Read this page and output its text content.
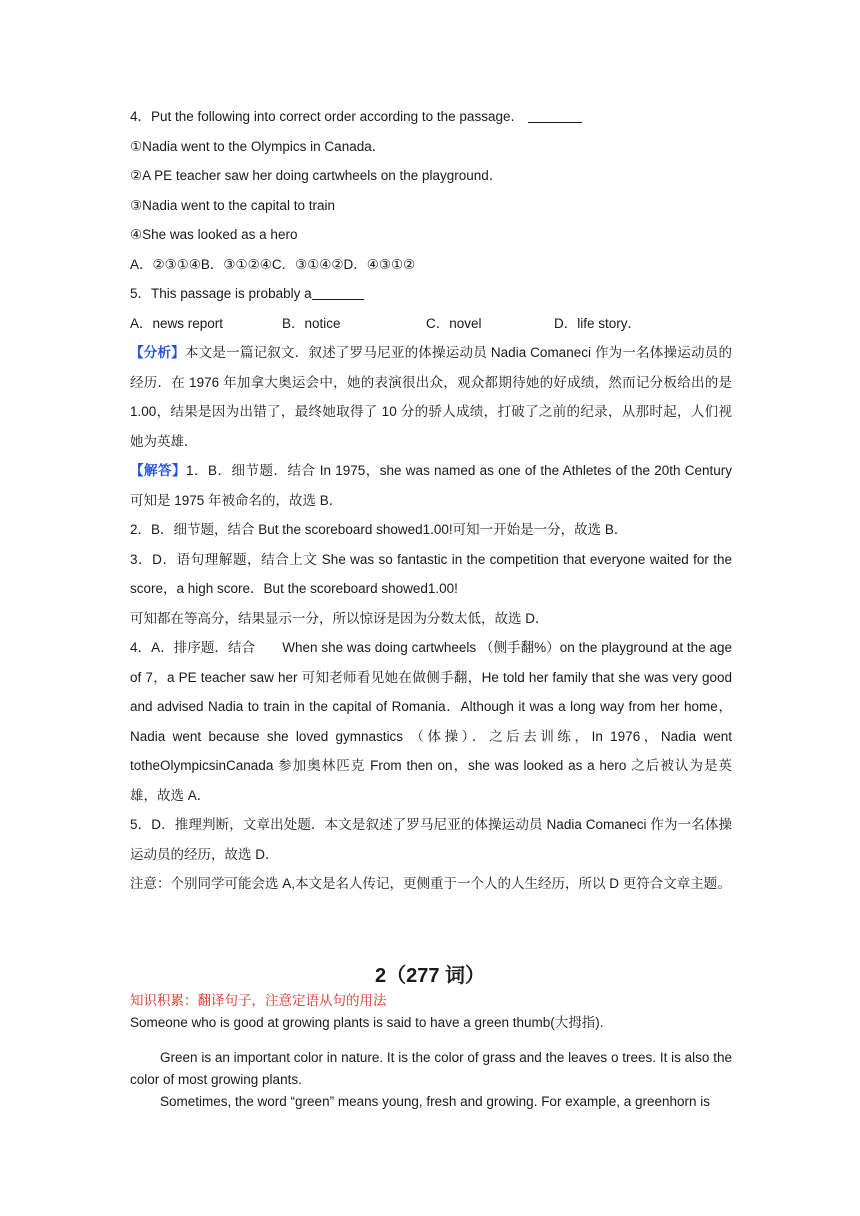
4．Put the following into correct order according to the passage．
①Nadia went to the Olympics in Canada．
②A PE teacher saw her doing cartwheels on the playground．
③Nadia went to the capital to train
④She was looked as a hero
A．②③①④B．③①②④C．③①④②D．④③①②
5．This passage is probably a
A．news report	B．notice	C．novel	D．life story．
【分析】本文是一篇记叙文．叙述了罗马尼亚的体操运动员 Nadia Comaneci 作为一名体操运动员的经历．在 1976 年加拿大奥运会中，她的表演很出众，观众都期待她的好成绩，然而记分板给出的是 1.00，结果是因为出错了，最终她取得了 10 分的骄人成绩，打破了之前的纪录，从那时起，人们视她为英雄．
【解答】1．B．细节题．结合 In 1975，she was named as one of the Athletes of the 20th Century 可知是 1975 年被命名的，故选 B．
2．B．细节题，结合 But the scoreboard showed1.00!可知一开始是一分，故选 B．
3．D．语句理解题，结合上文 She was so fantastic in the competition that everyone waited for the score，a high score．But the scoreboard showed1.00!
可知都在等高分，结果显示一分，所以惊讶是因为分数太低，故选 D．
4．A．排序题．结合　　When she was doing cartwheels （侧手翻%）on the playground at the age of 7，a PE teacher saw her 可知老师看见她在做侧手翻，He told her family that she was very good and advised Nadia to train in the capital of Romania．Although it was a long way from her home，Nadia went because she loved gymnastics （体操）．之后去训练，In 1976，Nadia went totheOlympicsinCanada 参加奥林匹克 From then on，she was looked as a hero 之后被认为是英雄，故选 A．
5．D．推理判断，文章出处题．本文是叙述了罗马尼亚的体操运动员 Nadia Comaneci 作为一名体操运动员的经历，故选 D．
注意：个别同学可能会选 A,本文是名人传记，更侧重于一个人的人生经历，所以 D 更符合文章主题。
2（277 词）
知识积累：翻译句子，注意定语从句的用法
Someone who is good at growing plants is said to have a green thumb(大拇指).
Green is an important color in nature. It is the color of grass and the leaves o trees. It is also the color of most growing plants.
Sometimes, the word “green” means young, fresh and growing. For example, a greenhorn is
